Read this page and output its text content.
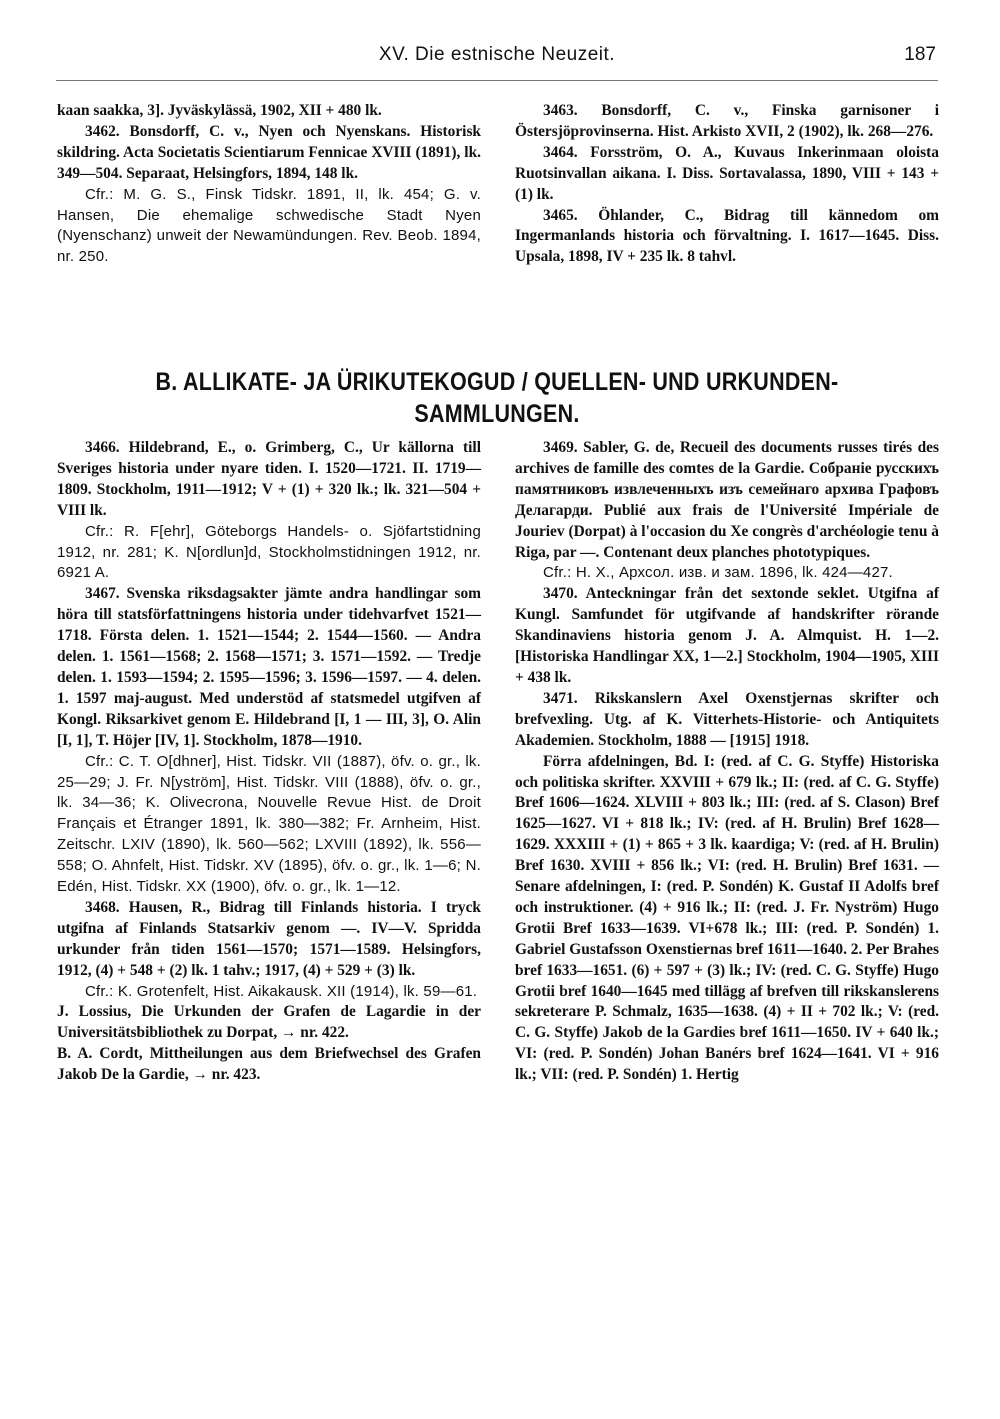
XV. Die estnische Neuzeit.	187

kaan saakka, 3]. Jyväskylässä, 1902, XII + 480 lk.

3462. Bonsdorff, C. v., Nyen och Nyenskans. Historisk skildring. Acta Societatis Scientiarum Fennicae XVIII (1891), lk. 349—504. Separaat, Helsingfors, 1894, 148 lk.

Cfr.: M. G. S., Finsk Tidskr. 1891, II, lk. 454; G. v. Hansen, Die ehemalige schwedische Stadt Nyen (Nyenschanz) unweit der Newamündungen. Rev. Beob. 1894, nr. 250.

3463. Bonsdorff, C. v., Finska garnisoner i Östersjöprovinserna. Hist. Arkisto XVII, 2 (1902), lk. 268—276.

3464. Forsström, O. A., Kuvaus Inkerinmaan oloista Ruotsinvallan aikana. I. Diss. Sortavalassa, 1890, VIII + 143 + (1) lk.

3465. Öhlander, C., Bidrag till kännedom om Ingermanlands historia och förvaltning. I. 1617—1645. Diss. Upsala, 1898, IV + 235 lk. 8 tahvl.

B. ALLIKATE- JA ÜRIKUTEKOGUD / QUELLEN- UND URKUNDEN-
SAMMLUNGEN.

3466. Hildebrand, E., o. Grimberg, C., Ur källorna till Sveriges historia under nyare tiden. I. 1520—1721. II. 1719—1809. Stockholm, 1911—1912; V + (1) + 320 lk.; lk. 321—504 + VIII lk.

Cfr.: R. F[ehr], Göteborgs Handels- o. Sjöfartstidning 1912, nr. 281; K. N[ordlun]d, Stockholmstidningen 1912, nr. 6921 A.

3467. Svenska riksdagsakter jämte andra handlingar som höra till statsförfattningens historia under tidehvarfvet 1521—1718. Första delen. 1. 1521—1544; 2. 1544—1560. — Andra delen. 1. 1561—1568; 2. 1568—1571; 3. 1571—1592. — Tredje delen. 1. 1593—1594; 2. 1595—1596; 3. 1596—1597. — 4. delen. 1. 1597 maj-august. Med understöd af statsmedel utgifven af Kongl. Riksarkivet genom E. Hildebrand [I, 1 — III, 3], O. Alin [I, 1], T. Höjer [IV, 1]. Stockholm, 1878—1910.

Cfr.: C. T. O[dhner], Hist. Tidskr. VII (1887), öfv. o. gr., lk. 25—29; J. Fr. N[yström], Hist. Tidskr. VIII (1888), öfv. o. gr., lk. 34—36; K. Olivecrona, Nouvelle Revue Hist. de Droit Français et Étranger 1891, lk. 380—382; Fr. Arnheim, Hist. Zeitschr. LXIV (1890), lk. 560—562; LXVIII (1892), lk. 556—558; O. Ahnfelt, Hist. Tidskr. XV (1895), öfv. o. gr., lk. 1—6; N. Edén, Hist. Tidskr. XX (1900), öfv. o. gr., lk. 1—12.

3468. Hausen, R., Bidrag till Finlands historia. I tryck utgifna af Finlands Statsarkiv genom —. IV—V. Spridda urkunder från tiden 1561—1570; 1571—1589. Helsingfors, 1912, (4) + 548 + (2) lk. 1 tahv.; 1917, (4) + 529 + (3) lk.

Cfr.: K. Grotenfelt, Hist. Aikakausk. XII (1914), lk. 59—61.

J. Lossius, Die Urkunden der Grafen de Lagardie in der Universitätsbibliothek zu Dorpat, → nr. 422.

B. A. Cordt, Mittheilungen aus dem Briefwechsel des Grafen Jakob De la Gardie, → nr. 423.

3469. Sabler, G. de, Recueil des documents russes tirés des archives de famille des comtes de la Gardie. Собранie русскихъ памятниковъ извлеченныхъ изъ семейнаго архива Графовъ Делагарди. Publié aux frais de l'Université Impériale de Jouriev (Dorpat) à l'occasion du Xe congrès d'archéologie tenu à Riga, par —. Contenant deux planches phototypiques.

Cfr.: H. X., Архсол. изв. и зам. 1896, lk. 424—427.

3470. Anteckningar från det sextonde seklet. Utgifna af Kungl. Samfundet för utgifvande af handskrifter rörande Skandinaviens historia genom J. A. Almquist. H. 1—2. [Historiska Handlingar XX, 1—2.] Stockholm, 1904—1905, XIII + 438 lk.

3471. Rikskanslern Axel Oxenstjernas skrifter och brefvexling. Utg. af K. Vitterhets-Historie- och Antiquitets Akademien. Stockholm, 1888 — [1915] 1918.

Förra afdelningen, Bd. I: (red. af C. G. Styffe) Historiska och politiska skrifter. XXVIII + 679 lk.; II: (red. af C. G. Styffe) Bref 1606—1624. XLVIII + 803 lk.; III: (red. af S. Clason) Bref 1625—1627. VI + 818 lk.; IV: (red. af H. Brulin) Bref 1628—1629. XXXIII + (1) + 865 + 3 lk. kaardiga; V: (red. af H. Brulin) Bref 1630. XVIII + 856 lk.; VI: (red. H. Brulin) Bref 1631. — Senare afdelningen, I: (red. P. Sondén) K. Gustaf II Adolfs bref och instruktioner. (4) + 916 lk.; II: (red. J. Fr. Nyström) Hugo Grotii Bref 1633—1639. VI+678 lk.; III: (red. P. Sondén) 1. Gabriel Gustafsson Oxenstiernas bref 1611—1640. 2. Per Brahes bref 1633—1651. (6) + 597 + (3) lk.; IV: (red. C. G. Styffe) Hugo Grotii bref 1640—1645 med tillägg af brefven till rikskanslerens sekreterare P. Schmalz, 1635—1638. (4) + II + 702 lk.; V: (red. C. G. Styffe) Jakob de la Gardies bref 1611—1650. IV + 640 lk.; VI: (red. P. Sondén) Johan Banérs bref 1624—1641. VI + 916 lk.; VII: (red. P. Sondén) 1. Hertig
